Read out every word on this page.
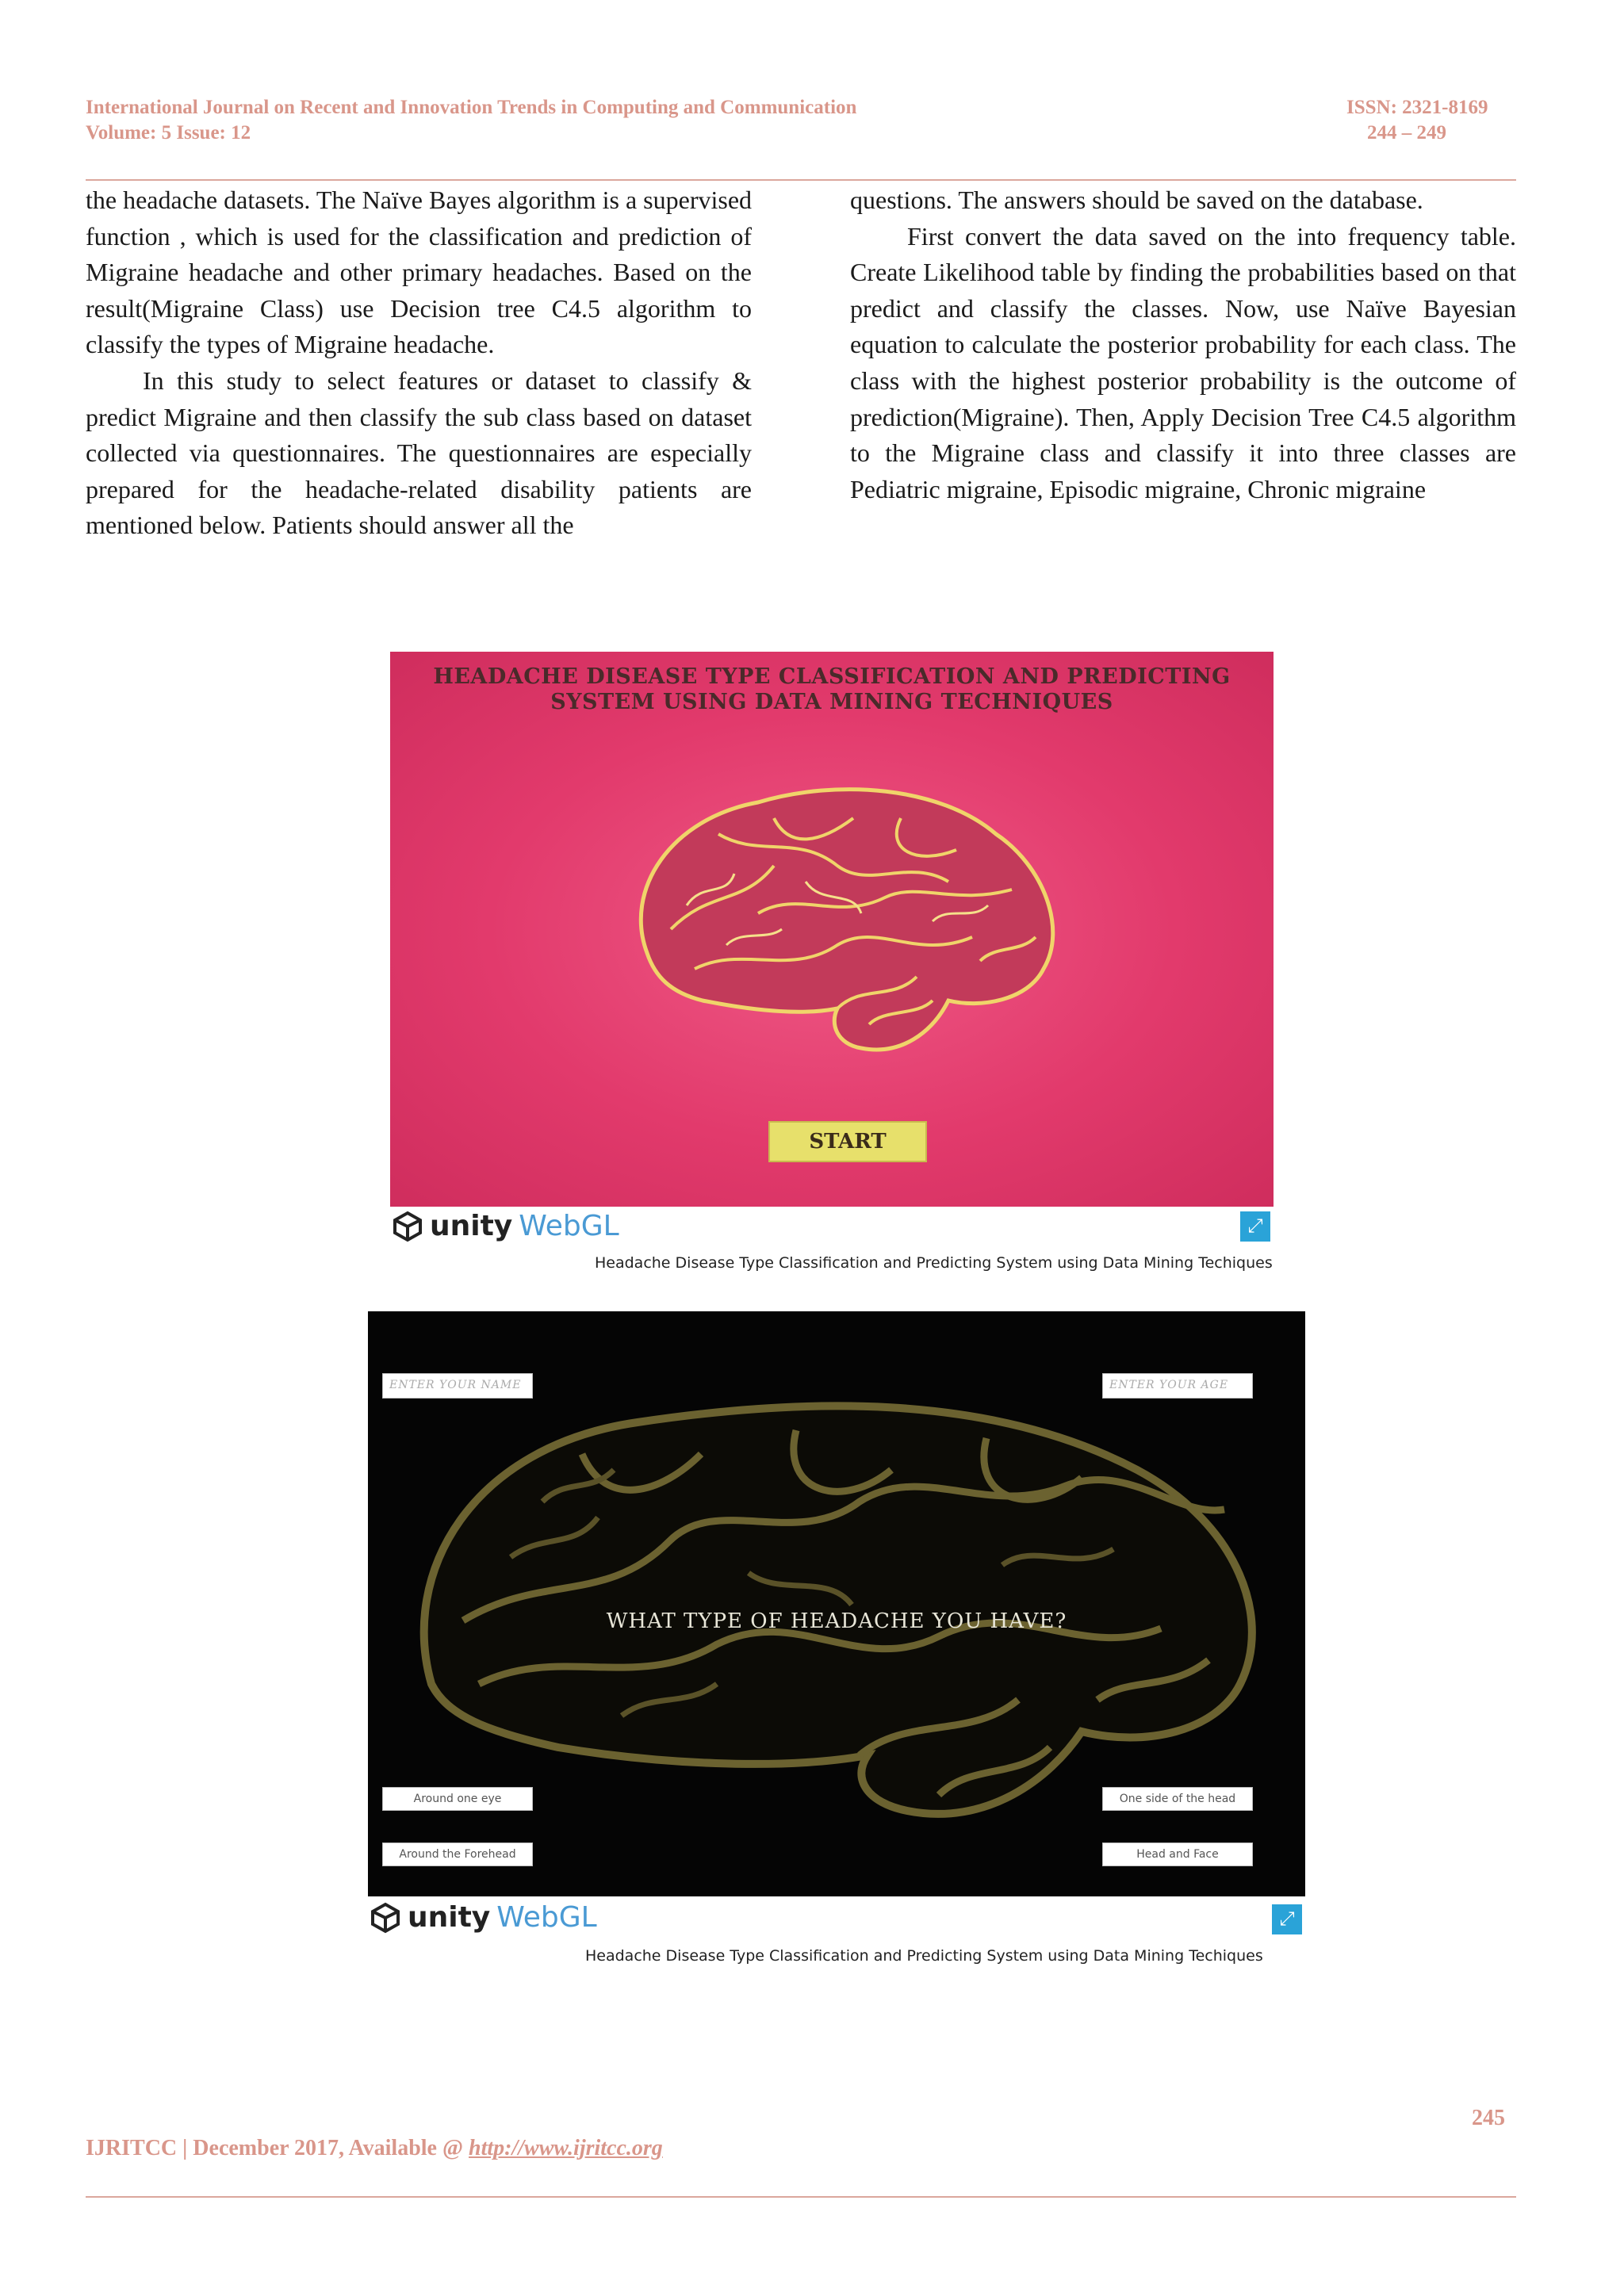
International Journal on Recent and Innovation Trends in Computing and Communication
Volume: 5 Issue: 12
ISSN: 2321-8169
244 – 249

the headache datasets. The Naïve Bayes algorithm is a supervised function , which is used for the classification and prediction of Migraine headache and other primary headaches. Based on the result(Migraine Class) use Decision tree C4.5 algorithm to classify the types of Migraine headache.

In this study to select features or dataset to classify & predict Migraine and then classify the sub class based on dataset collected via questionnaires. The questionnaires are especially prepared for the headache-related disability patients are mentioned below. Patients should answer all the

questions. The answers should be saved on the database.

First convert the data saved on the into frequency table. Create Likelihood table by finding the probabilities based on that predict and classify the classes. Now, use Naïve Bayesian equation to calculate the posterior probability for each class. The class with the highest posterior probability is the outcome of prediction(Migraine). Then, Apply Decision Tree C4.5 algorithm to the Migraine class and classify it into three classes are Pediatric migraine, Episodic migraine, Chronic migraine

HEADACHE DISEASE TYPE CLASSIFICATION AND PREDICTING
SYSTEM USING DATA MINING TECHNIQUES
START
unity WebGL	⤢
Headache Disease Type Classification and Predicting System using Data Mining Techiques
ENTER YOUR NAME	ENTER YOUR AGE
WHAT TYPE OF HEADACHE YOU HAVE?
Around one eye	One side of the head
Around the Forehead	Head and Face
unity WebGL	⤢
Headache Disease Type Classification and Predicting System using Data Mining Techiques
245
IJRITCC | December 2017, Available @ http://www.ijritcc.org
